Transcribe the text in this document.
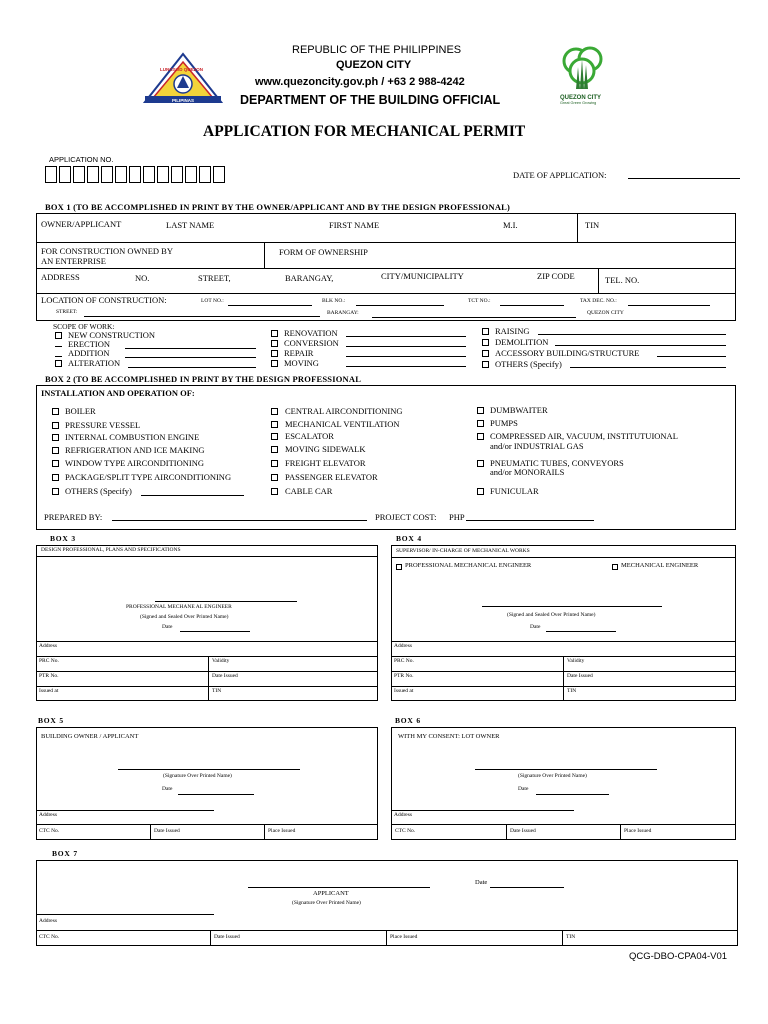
LUNGSOD QUEZON
PILIPINAS
REPUBLIC OF THE PHILIPPINES
QUEZON CITY
www.quezoncity.gov.ph / +63 2 988-4242
DEPARTMENT OF THE BUILDING OFFICIAL	QUEZON CITY
Great Green Growing
APPLICATION FOR MECHANICAL PERMIT
APPLICATION NO.
DATE OF APPLICATION:
BOX 1 (TO BE ACCOMPLISHED IN PRINT BY THE OWNER/APPLICANT AND BY THE DESIGN PROFESSIONAL)
OWNER/APPLICANT	LAST NAME	FIRST NAME	M.I.	TIN
FOR CONSTRUCTION OWNED BY
AN ENTERPRISE
FORM OF OWNERSHIP
ADDRESS	NO.	STREET,	BARANGAY,	CITY/MUNICIPALITY	ZIP CODE	TEL. NO.
LOCATION OF CONSTRUCTION:	LOT NO.:	BLK NO.:	TCT NO.:	TAX DEC. NO.:
STREET:	BARANGAY:	QUEZON CITY
SCOPE OF WORK:
NEW CONSTRUCTION
ERECTION
ADDITION
ALTERATION
RENOVATION
CONVERSION
REPAIR
MOVING
RAISING
DEMOLITION
ACCESSORY BUILDING/STRUCTURE
OTHERS (Specify)
BOX 2 (TO BE ACCOMPLISHED IN PRINT BY THE DESIGN PROFESSIONAL
INSTALLATION AND OPERATION OF:
BOILER
PRESSURE VESSEL
INTERNAL COMBUSTION ENGINE
REFRIGERATION AND ICE MAKING
WINDOW TYPE AIRCONDITIONING
PACKAGE/SPLIT TYPE AIRCONDITIONING
OTHERS (Specify)
CENTRAL AIRCONDITIONING
MECHANICAL VENTILATION
ESCALATOR
MOVING SIDEWALK
FREIGHT ELEVATOR
PASSENGER ELEVATOR
CABLE CAR
DUMBWAITER
PUMPS
COMPRESSED AIR, VACUUM, INSTITUTUIONAL
and/or INDUSTRIAL GAS
PNEUMATIC TUBES, CONVEYORS
and/or MONORAILS
FUNICULAR
PREPARED BY:	PROJECT COST: PHP
BOX 3
DESIGN PROFESSIONAL, PLANS AND SPECIFICATIONS
PROFESSIONAL MECHANE AL ENGINEER
(Signed and Sealed Over Printed Name)
Date
Address
PRC No.	Validity
PTR No.	Date Issued
Issued at	TIN
BOX 4
SUPERVISOR/ IN-CHARGE OF MECHANICAL WORKS
PROFESSIONAL MECHANICAL ENGINEER	MECHANICAL ENGINEER
(Signed and Sealed Over Printed Name)
Date
Address
PRC No.	Validity
PTR No.	Date Issued
Issued at	TIN
BOX 5
BUILDING OWNER / APPLICANT
(Signature Over Printed Name)
Date
Address
CTC No.	Date Issued	Place Issued
BOX 6
WITH MY CONSENT: LOT OWNER
(Signature Over Printed Name)
Date
Address
CTC No.	Date Issued	Place Issued
BOX 7
APPLICANT
(Signature Over Printed Name)
Date
Address
CTC No.	Date Issued	Place Issued	TIN
QCG-DBO-CPA04-V01
